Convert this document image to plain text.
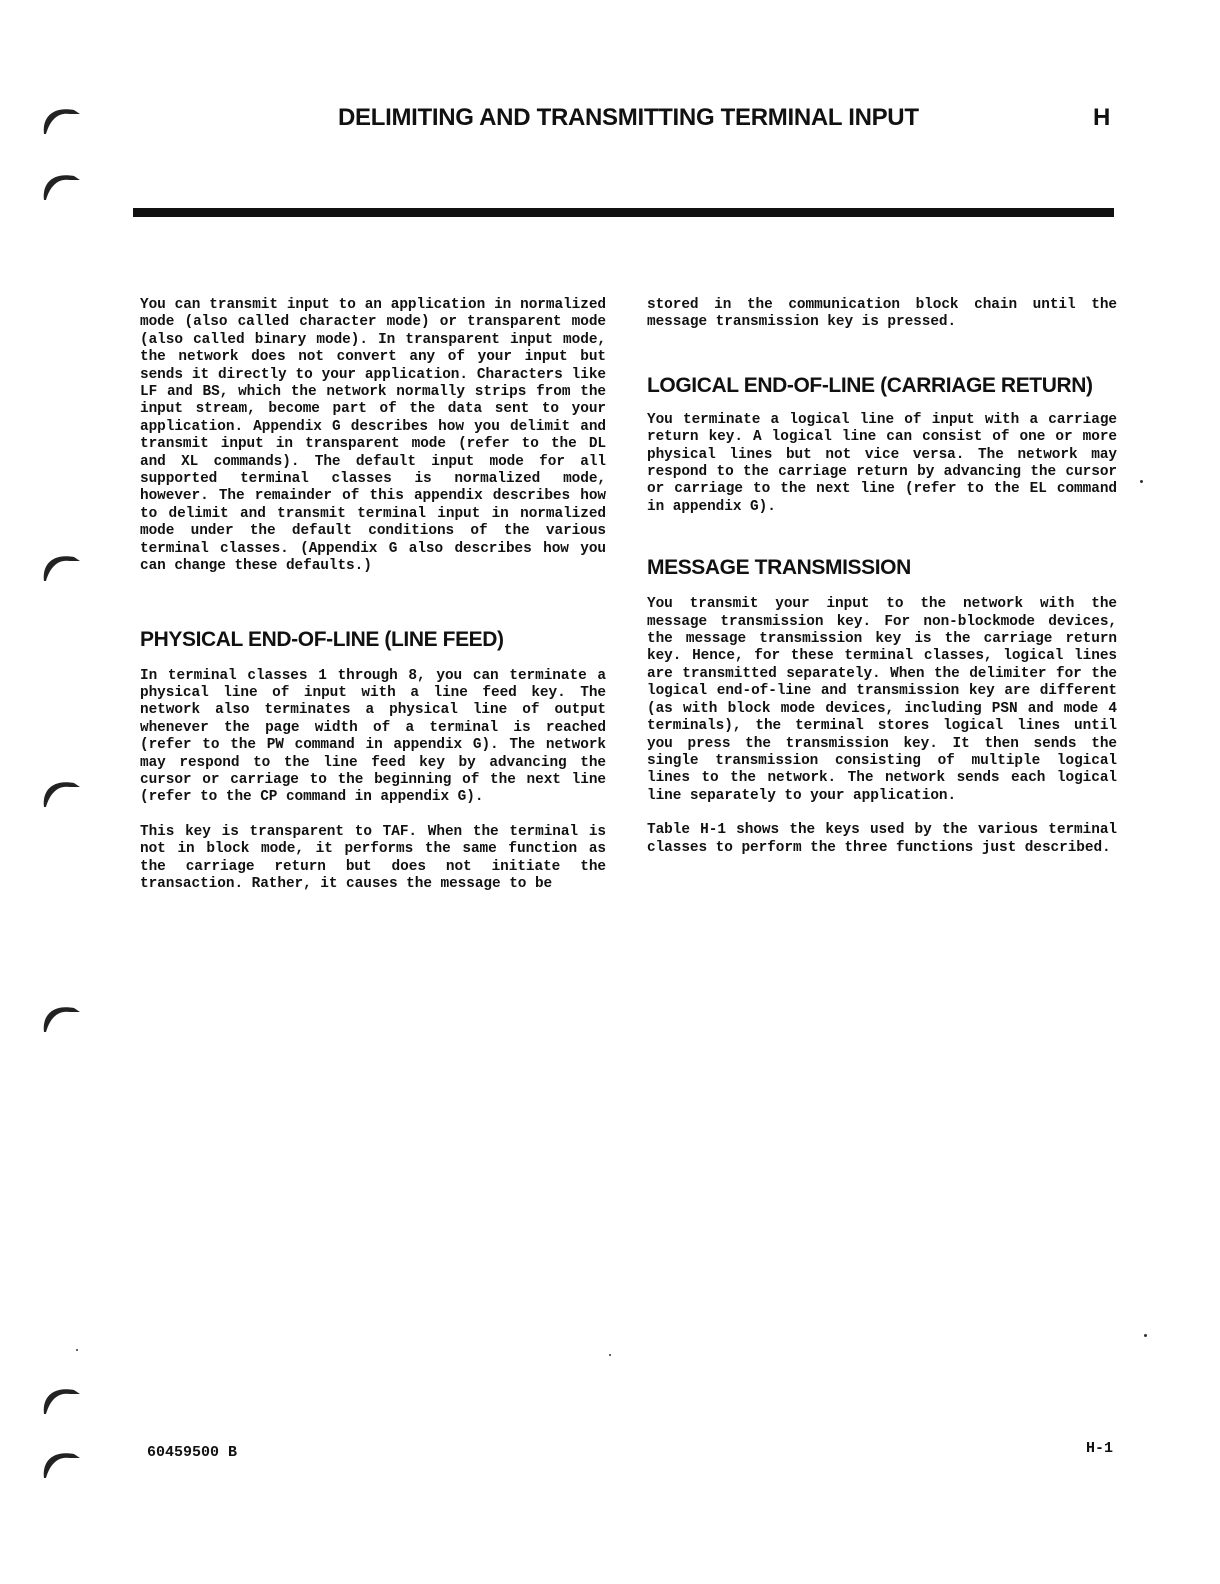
DELIMITING AND TRANSMITTING TERMINAL INPUT	H

You can transmit input to an application in normalized mode (also called character mode) or transparent mode (also called binary mode). In transparent input mode, the network does not convert any of your input but sends it directly to your application. Characters like LF and BS, which the network normally strips from the input stream, become part of the data sent to your application. Appendix G describes how you delimit and transmit input in transparent mode (refer to the DL and XL commands). The default input mode for all supported terminal classes is normalized mode, however. The remainder of this appendix describes how to delimit and transmit terminal input in normalized mode under the default conditions of the various terminal classes. (Appendix G also describes how you can change these defaults.)

PHYSICAL END-OF-LINE (LINE FEED)

In terminal classes 1 through 8, you can terminate a physical line of input with a line feed key. The network also terminates a physical line of output whenever the page width of a terminal is reached (refer to the PW command in appendix G). The network may respond to the line feed key by advancing the cursor or carriage to the beginning of the next line (refer to the CP command in appendix G).

This key is transparent to TAF. When the terminal is not in block mode, it performs the same function as the carriage return but does not initiate the transaction. Rather, it causes the message to be

stored in the communication block chain until the message transmission key is pressed.

LOGICAL END-OF-LINE (CARRIAGE RETURN)

You terminate a logical line of input with a carriage return key. A logical line can consist of one or more physical lines but not vice versa. The network may respond to the carriage return by advancing the cursor or carriage to the next line (refer to the EL command in appendix G).

MESSAGE TRANSMISSION

You transmit your input to the network with the message transmission key. For non-blockmode devices, the message transmission key is the carriage return key. Hence, for these terminal classes, logical lines are transmitted separately. When the delimiter for the logical end-of-line and transmission key are different (as with block mode devices, including PSN and mode 4 terminals), the terminal stores logical lines until you press the transmission key. It then sends the single transmission consisting of multiple logical lines to the network. The network sends each logical line separately to your application.

Table H-1 shows the keys used by the various terminal classes to perform the three functions just described.

60459500 B	H-1
